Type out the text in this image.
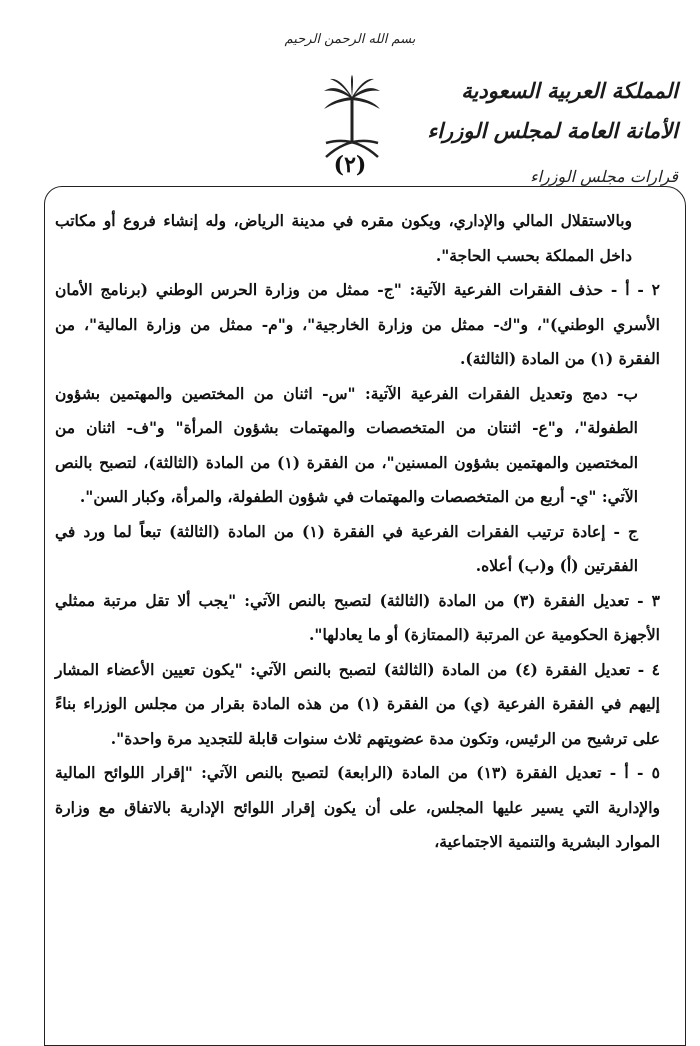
بسم الله الرحمن الرحيم
(٢)
المملكة العربية السعودية
الأمانة العامة لمجلس الوزراء
قرارات مجلس الوزراء

وبالاستقلال المالي والإداري، ويكون مقره في مدينة الرياض، وله إنشاء فروع أو مكاتب داخل المملكة بحسب الحاجة".

٢ - أ - حذف الفقرات الفرعية الآتية: "ج- ممثل من وزارة الحرس الوطني (برنامج الأمان الأسري الوطني)"، و"ك- ممثل من وزارة الخارجية"، و"م- ممثل من وزارة المالية"، من الفقرة (١) من المادة (الثالثة).

ب- دمج وتعديل الفقرات الفرعية الآتية: "س- اثنان من المختصين والمهتمين بشؤون الطفولة"، و"ع- اثنتان من المتخصصات والمهتمات بشؤون المرأة" و"ف- اثنان من المختصين والمهتمين بشؤون المسنين"، من الفقرة (١) من المادة (الثالثة)، لتصبح بالنص الآتي: "ي- أربع من المتخصصات والمهتمات في شؤون الطفولة، والمرأة، وكبار السن".

ج - إعادة ترتيب الفقرات الفرعية في الفقرة (١) من المادة (الثالثة) تبعاً لما ورد في الفقرتين (أ) و(ب) أعلاه.

٣ - تعديل الفقرة (٣) من المادة (الثالثة) لتصبح بالنص الآتي: "يجب ألا تقل مرتبة ممثلي الأجهزة الحكومية عن المرتبة (الممتازة) أو ما يعادلها".

٤ - تعديل الفقرة (٤) من المادة (الثالثة) لتصبح بالنص الآتي: "يكون تعيين الأعضاء المشار إليهم في الفقرة الفرعية (ي) من الفقرة (١) من هذه المادة بقرار من مجلس الوزراء بناءً على ترشيح من الرئيس، وتكون مدة عضويتهم ثلاث سنوات قابلة للتجديد مرة واحدة".

٥ - أ - تعديل الفقرة (١٣) من المادة (الرابعة) لتصبح بالنص الآتي: "إقرار اللوائح المالية والإدارية التي يسير عليها المجلس، على أن يكون إقرار اللوائح الإدارية بالاتفاق مع وزارة الموارد البشرية والتنمية الاجتماعية،
